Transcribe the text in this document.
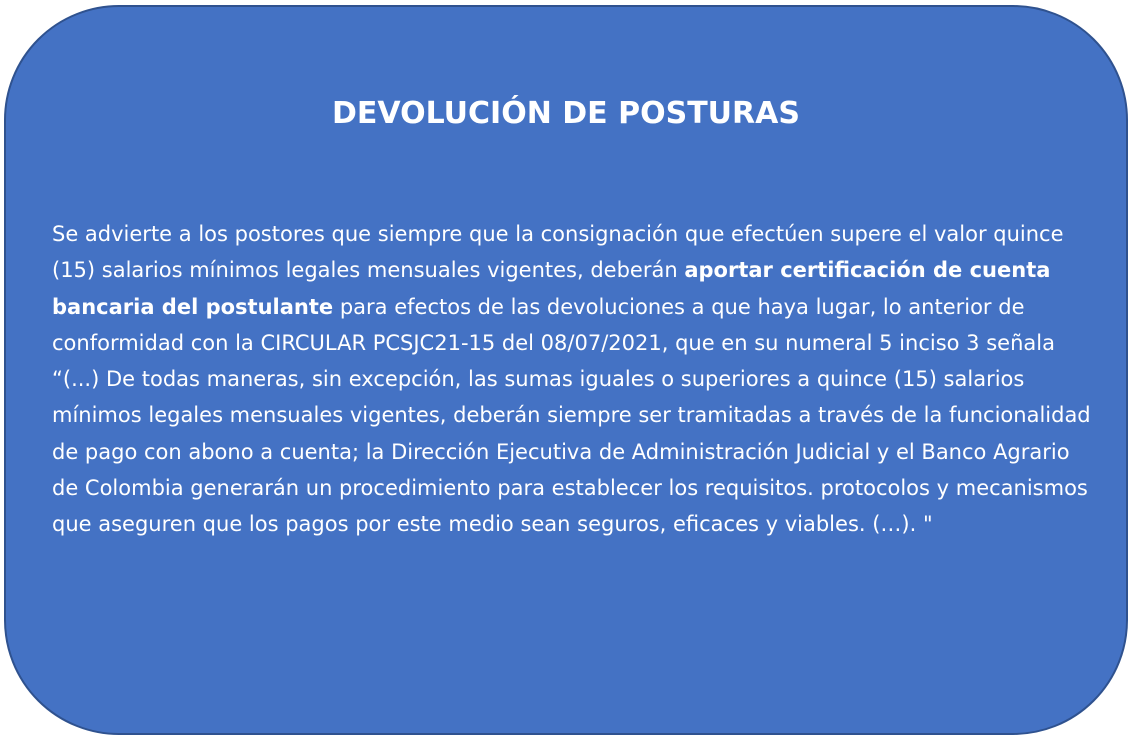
DEVOLUCIÓN DE POSTURAS

Se advierte a los postores que siempre que la consignación que efectúen supere el valor quince (15) salarios mínimos legales mensuales vigentes, deberán aportar certificación de cuenta bancaria del postulante para efectos de las devoluciones a que haya lugar, lo anterior de conformidad con la CIRCULAR PCSJC21-15 del 08/07/2021, que en su numeral 5 inciso 3 señala “(...) De todas maneras, sin excepción, las sumas iguales o superiores a quince (15) salarios mínimos legales mensuales vigentes, deberán siempre ser tramitadas a través de la funcionalidad de pago con abono a cuenta; la Dirección Ejecutiva de Administración Judicial y el Banco Agrario de Colombia generarán un procedimiento para establecer los requisitos. protocolos y mecanismos que aseguren que los pagos por este medio sean seguros, eficaces y viables. (…). "
